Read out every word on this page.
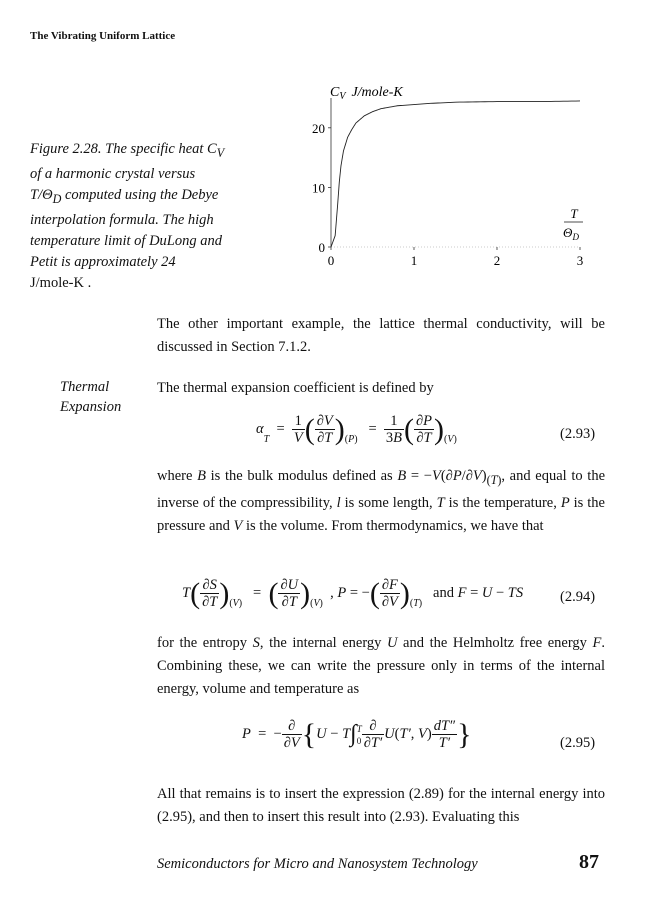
The Vibrating Uniform Lattice
Figure 2.28. The specific heat $C_V$
of a harmonic crystal versus
$T/\Theta_D$ computed using the Debye
interpolation formula. The high
temperature limit of DuLong and
Petit is approximately 24
J/mole-K .
0	1	2	3
0
10
20
$C_V$ J/mole-K
T
$\Theta_D$
The other important example, the lattice thermal conductivity, will be discussed in Section 7.1.2.
Thermal
Expansion
The thermal expansion coefficient is defined by
$\alpha_T = \frac{1}{V}$ ( $\frac{\partial V}{\partial T} )_{(P)} = \frac{1}{3B}$ ( $\frac{\partial P}{\partial T} )_{(V)}$	(2.93)
where B is the bulk modulus defined as $B = -V(\partial P/\partial V)_{(T)}$, and equal to the inverse of the compressibility, l is some length, T is the temperature, P is the pressure and V is the volume. From thermodynamics, we have that
$T( \frac{\partial S}{\partial T} )_{(V)}$   =  ( $\frac{\partial U}{\partial T} )_{(V)}$  , P = −( $\frac{\partial F}{\partial V} )_{(T)}$   and F = U − TS	(2.94)
for the entropy S, the internal energy U and the Helmholtz free energy F. Combining these, we can write the pressure only in terms of the internal energy, volume and temperature as
P  =  − $\frac{\partial}{\partial V} \{U - T\int$ T
$0 \frac{\partial}{\partial T'} U(T'$, $V) \frac{dT''}{T'}$ }	(2.95)
All that remains is to insert the expression (2.89) for the internal energy into (2.95), and then to insert this result into (2.93). Evaluating this
Semiconductors for Micro and Nanosystem Technology	87
